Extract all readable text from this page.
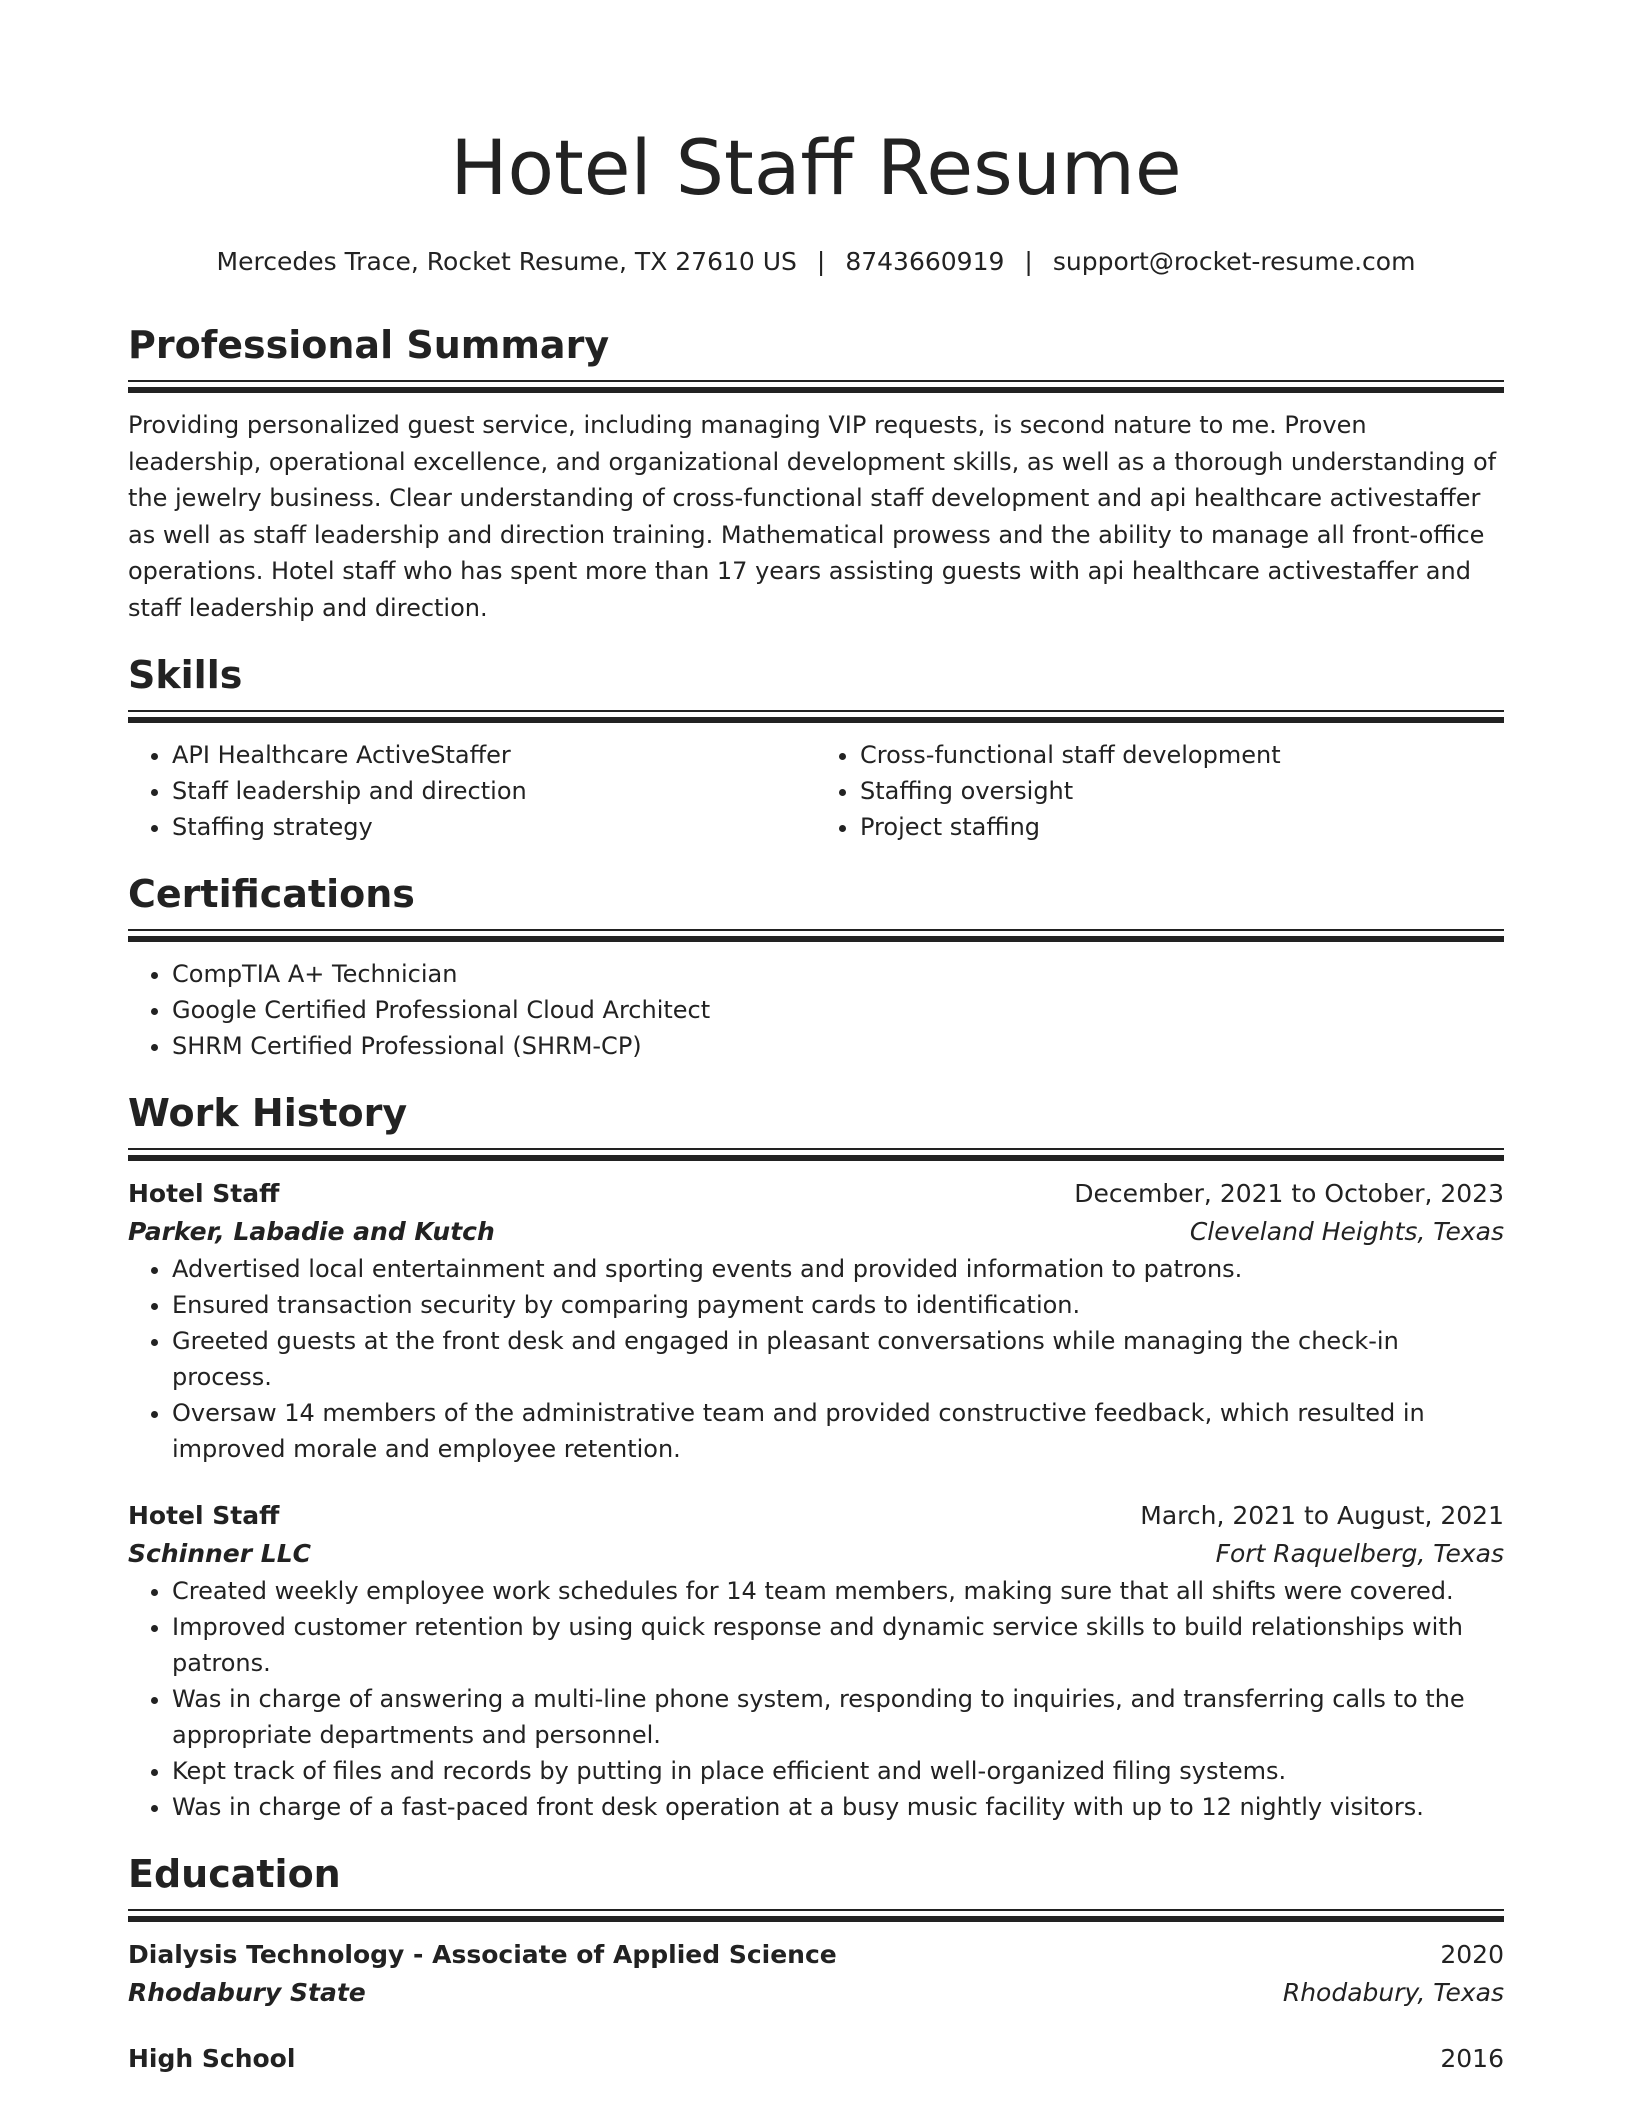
Hotel Staff Resume
Mercedes Trace, Rocket Resume, TX 27610 US | 8743660919 | support@rocket-resume.com
Professional Summary

Providing personalized guest service, including managing VIP requests, is second nature to me. Proven leadership, operational excellence, and organizational development skills, as well as a thorough understanding of the jewelry business. Clear understanding of cross-functional staff development and api healthcare activestaffer as well as staff leadership and direction training. Mathematical prowess and the ability to manage all front-office operations. Hotel staff who has spent more than 17 years assisting guests with api healthcare activestaffer and staff leadership and direction.

Skills
• API Healthcare ActiveStaffer
• Staff leadership and direction
• Staffing strategy
• Cross-functional staff development
• Staffing oversight
• Project staffing
Certifications
• CompTIA A+ Technician
• Google Certified Professional Cloud Architect
• SHRM Certified Professional (SHRM-CP)
Work History
Hotel Staff	December, 2021 to October, 2023
Parker, Labadie and Kutch	Cleveland Heights, Texas
• Advertised local entertainment and sporting events and provided information to patrons.
• Ensured transaction security by comparing payment cards to identification.
• Greeted guests at the front desk and engaged in pleasant conversations while managing the check-in process.
• Oversaw 14 members of the administrative team and provided constructive feedback, which resulted in improved morale and employee retention.
Hotel Staff	March, 2021 to August, 2021
Schinner LLC	Fort Raquelberg, Texas
• Created weekly employee work schedules for 14 team members, making sure that all shifts were covered.
• Improved customer retention by using quick response and dynamic service skills to build relationships with patrons.
• Was in charge of answering a multi-line phone system, responding to inquiries, and transferring calls to the appropriate departments and personnel.
• Kept track of files and records by putting in place efficient and well-organized filing systems.
• Was in charge of a fast-paced front desk operation at a busy music facility with up to 12 nightly visitors.
Education
Dialysis Technology - Associate of Applied Science	2020
Rhodabury State	Rhodabury, Texas
High School	2016
